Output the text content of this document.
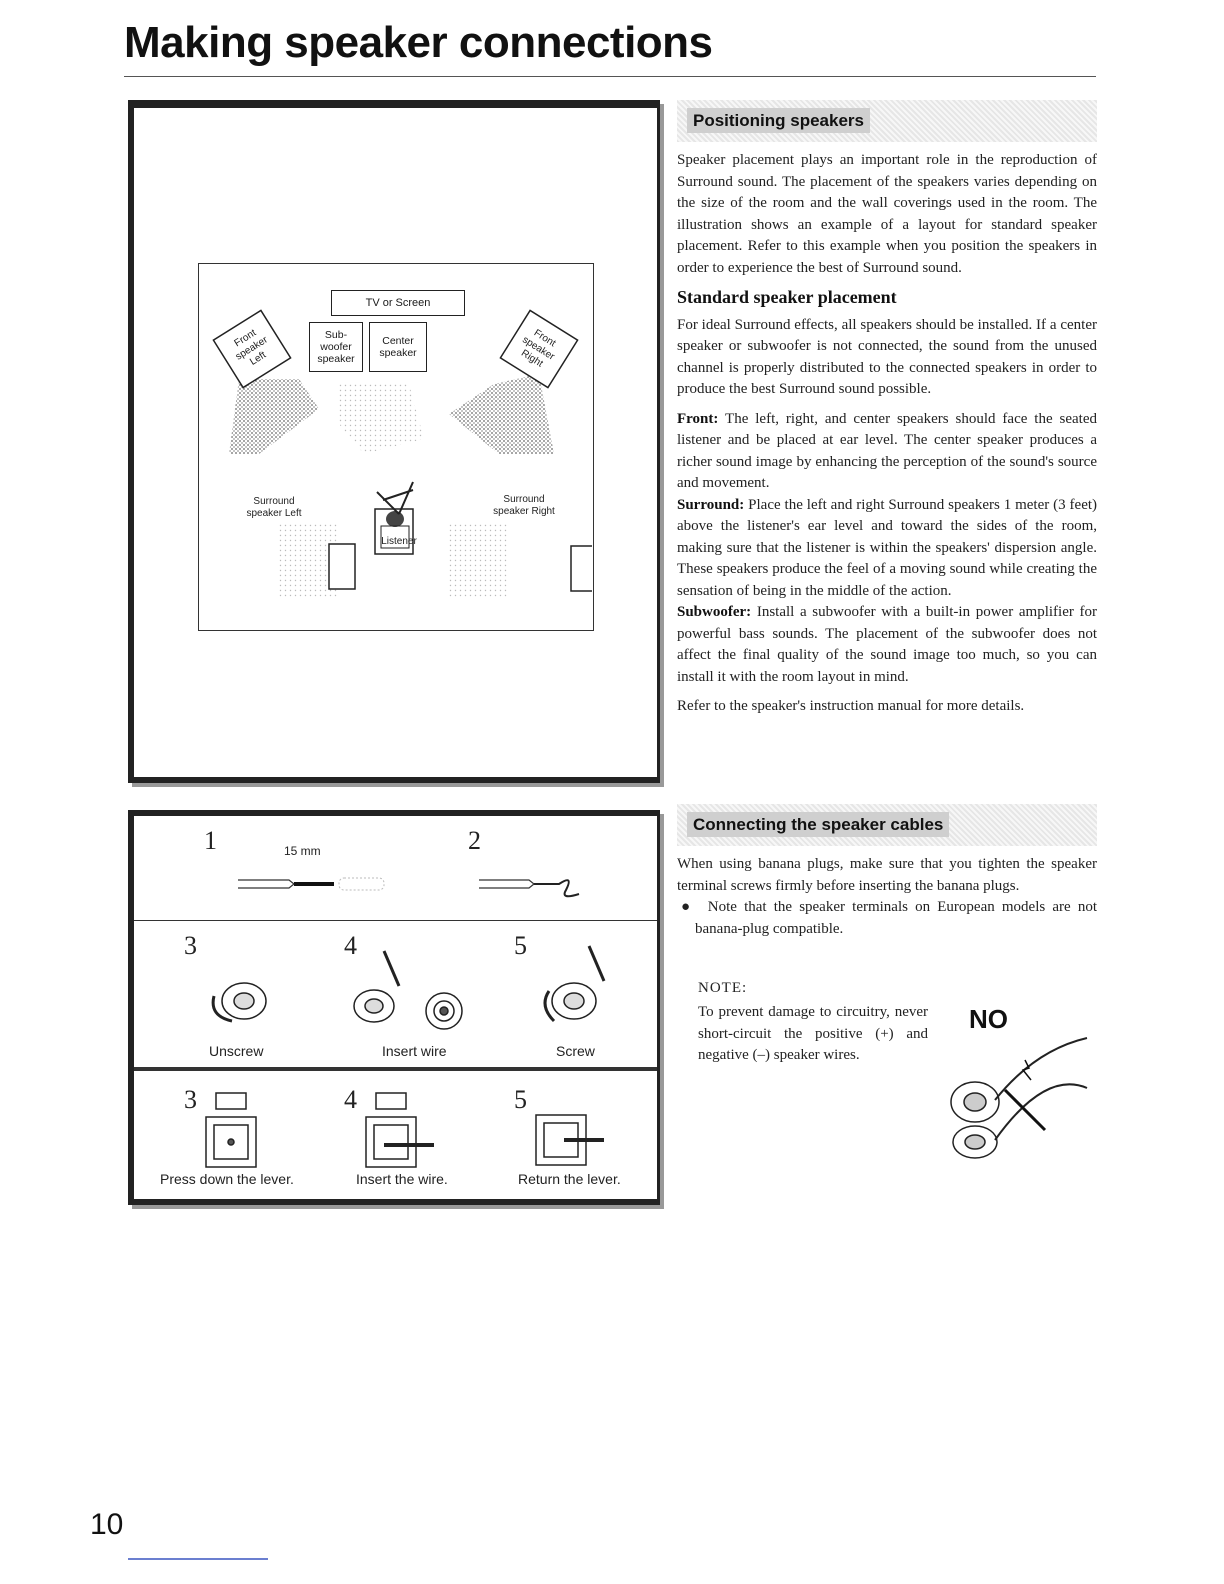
Making speaker connections
TV or Screen
Sub- woofer speaker
Center speaker
Front speaker Left
Front speaker Right
Surround speaker Left
Surround speaker Right
Listener
1	2
15 mm
3	4	5
Unscrew	Insert wire	Screw
3	4	5
Press down the lever.	Insert the wire.	Return the lever.
Positioning speakers

Speaker placement plays an important role in the reproduction of Surround sound. The placement of the speakers varies depending on the size of the room and the wall coverings used in the room. The illustration shows an example of a layout for standard speaker placement. Refer to this example when you position the speakers in order to experience the best of Surround sound.

Standard speaker placement

For ideal Surround effects, all speakers should be installed. If a center speaker or subwoofer is not connected, the sound from the unused channel is properly distributed to the connected speakers in order to produce the best Surround sound possible.

Front: The left, right, and center speakers should face the seated listener and be placed at ear level. The center speaker produces a richer sound image by enhancing the perception of the sound's source and movement.

Surround: Place the left and right Surround speakers 1 meter (3 feet) above the listener's ear level and toward the sides of the room, making sure that the listener is within the speakers' dispersion angle. These speakers produce the feel of a moving sound while creating the sensation of being in the middle of the action.

Subwoofer: Install a subwoofer with a built-in power amplifier for powerful bass sounds. The placement of the subwoofer does not affect the final quality of the sound image too much, so you can install it with the room layout in mind.

Refer to the speaker's instruction manual for more details.

Connecting the speaker cables

When using banana plugs, make sure that you tighten the speaker terminal screws firmly before inserting the banana plugs.

●  Note that the speaker terminals on European models are not banana-plug compatible.

NOTE:

To prevent damage to circuitry, never short-circuit the positive (+) and negative (–) speaker wires.

NO
10
